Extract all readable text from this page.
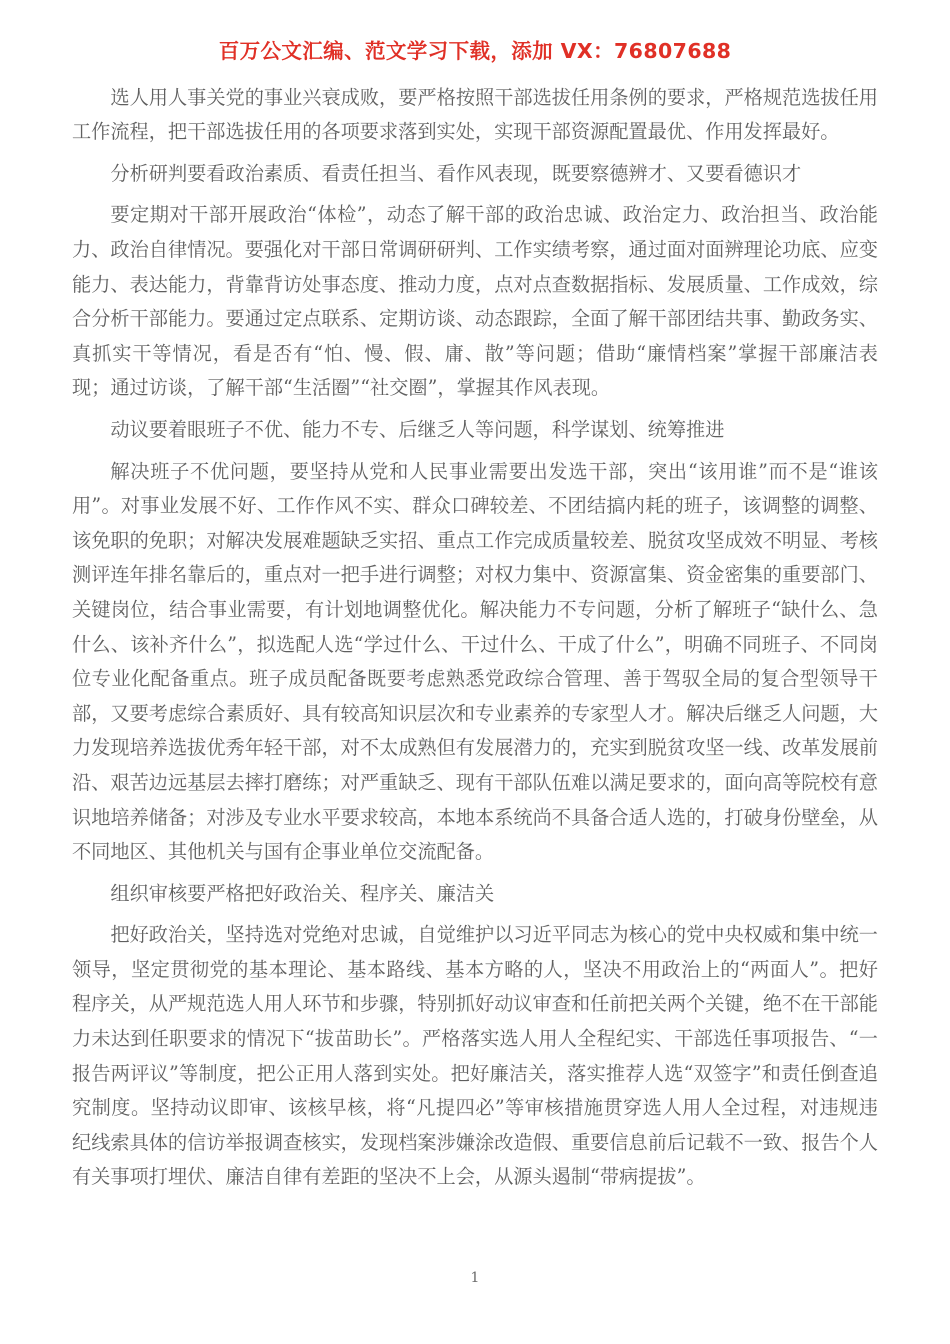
百万公文汇编、范文学习下载，添加 VX：76807688

选人用人事关党的事业兴衰成败，要严格按照干部选拔任用条例的要求，严格规范选拔任用工作流程，把干部选拔任用的各项要求落到实处，实现干部资源配置最优、作用发挥最好。

分析研判要看政治素质、看责任担当、看作风表现，既要察德辨才、又要看德识才

要定期对干部开展政治“体检”，动态了解干部的政治忠诚、政治定力、政治担当、政治能力、政治自律情况。要强化对干部日常调研研判、工作实绩考察，通过面对面辨理论功底、应变能力、表达能力，背靠背访处事态度、推动力度，点对点查数据指标、发展质量、工作成效，综合分析干部能力。要通过定点联系、定期访谈、动态跟踪，全面了解干部团结共事、勤政务实、真抓实干等情况，看是否有“怕、慢、假、庸、散”等问题；借助“廉情档案”掌握干部廉洁表现；通过访谈，了解干部“生活圈”“社交圈”，掌握其作风表现。

动议要着眼班子不优、能力不专、后继乏人等问题，科学谋划、统筹推进

解决班子不优问题，要坚持从党和人民事业需要出发选干部，突出“该用谁”而不是“谁该用”。对事业发展不好、工作作风不实、群众口碑较差、不团结搞内耗的班子，该调整的调整、该免职的免职；对解决发展难题缺乏实招、重点工作完成质量较差、脱贫攻坚成效不明显、考核测评连年排名靠后的，重点对一把手进行调整；对权力集中、资源富集、资金密集的重要部门、关键岗位，结合事业需要，有计划地调整优化。解决能力不专问题，分析了解班子“缺什么、急什么、该补齐什么”，拟选配人选“学过什么、干过什么、干成了什么”，明确不同班子、不同岗位专业化配备重点。班子成员配备既要考虑熟悉党政综合管理、善于驾驭全局的复合型领导干部，又要考虑综合素质好、具有较高知识层次和专业素养的专家型人才。解决后继乏人问题，大力发现培养选拔优秀年轻干部，对不太成熟但有发展潜力的，充实到脱贫攻坚一线、改革发展前沿、艰苦边远基层去摔打磨练；对严重缺乏、现有干部队伍难以满足要求的，面向高等院校有意识地培养储备；对涉及专业水平要求较高，本地本系统尚不具备合适人选的，打破身份壁垒，从不同地区、其他机关与国有企事业单位交流配备。

组织审核要严格把好政治关、程序关、廉洁关

把好政治关，坚持选对党绝对忠诚，自觉维护以习近平同志为核心的党中央权威和集中统一领导，坚定贯彻党的基本理论、基本路线、基本方略的人，坚决不用政治上的“两面人”。把好程序关，从严规范选人用人环节和步骤，特别抓好动议审查和任前把关两个关键，绝不在干部能力未达到任职要求的情况下“拔苗助长”。严格落实选人用人全程纪实、干部选任事项报告、“一报告两评议”等制度，把公正用人落到实处。把好廉洁关，落实推荐人选“双签字”和责任倒查追究制度。坚持动议即审、该核早核，将“凡提四必”等审核措施贯穿选人用人全过程，对违规违纪线索具体的信访举报调查核实，发现档案涉嫌涂改造假、重要信息前后记载不一致、报告个人有关事项打埋伏、廉洁自律有差距的坚决不上会，从源头遏制“带病提拔”。

1
